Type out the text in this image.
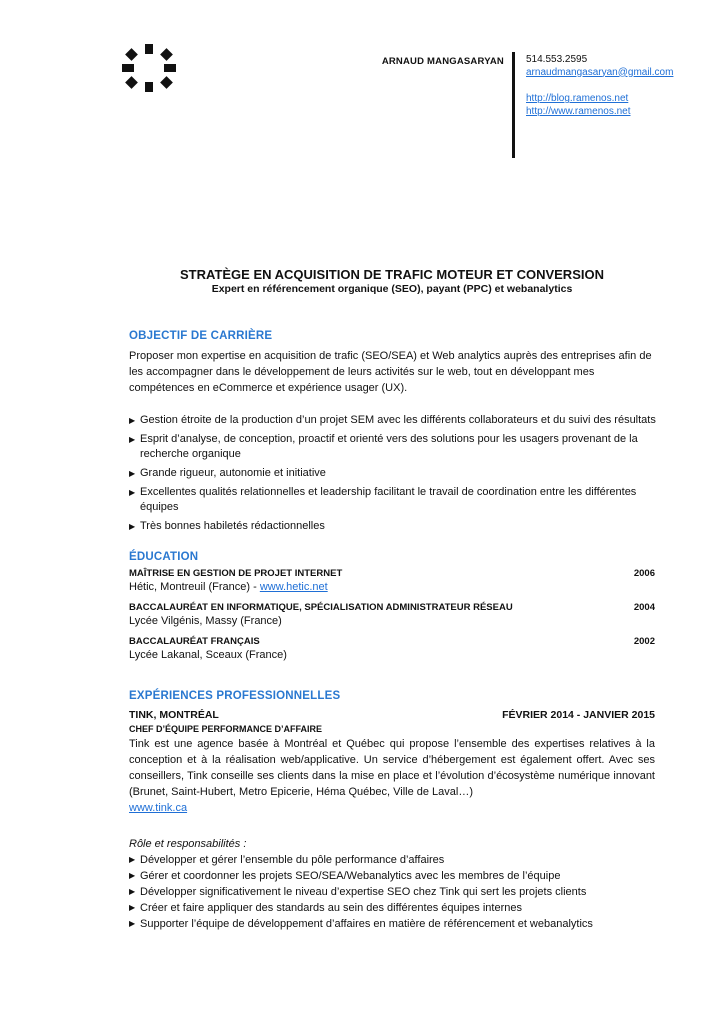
ARNAUD MANGASARYAN 514.553.2595
arnaudmangasaryan@gmail.com
http://blog.ramenos.net
http://www.ramenos.net
STRATÈGE EN ACQUISITION DE TRAFIC MOTEUR ET CONVERSION
Expert en référencement organique (SEO), payant (PPC) et webanalytics
OBJECTIF DE CARRIÈRE

Proposer mon expertise en acquisition de trafic (SEO/SEA) et Web analytics auprès des entreprises afin de les accompagner dans le développement de leurs activités sur le web, tout en développant mes compétences en eCommerce et expérience usager (UX).

▶ Gestion étroite de la production d’un projet SEM avec les différents collaborateurs et du suivi des résultats
▶ Esprit d’analyse, de conception, proactif et orienté vers des solutions pour les usagers provenant de la recherche organique
▶ Grande rigueur, autonomie et initiative
▶ Excellentes qualités relationnelles et leadership facilitant le travail de coordination entre les différentes équipes
▶ Très bonnes habiletés rédactionnelles
ÉDUCATION
MAÎTRISE EN GESTION DE PROJET INTERNET	2006
Hétic, Montreuil (France) - www.hetic.net
BACCALAURÉAT EN INFORMATIQUE, SPÉCIALISATION ADMINISTRATEUR RÉSEAU	2004
Lycée Vilgénis, Massy (France)
BACCALAURÉAT FRANÇAIS	2002
Lycée Lakanal, Sceaux (France)
EXPÉRIENCES PROFESSIONNELLES
TINK, MONTRÉAL	FÉVRIER 2014 - JANVIER 2015
CHEF D’ÉQUIPE PERFORMANCE D’AFFAIRE

Tink est une agence basée à Montréal et Québec qui propose l’ensemble des expertises relatives à la conception et à la réalisation web/applicative. Un service d’hébergement est également offert. Avec ses conseillers, Tink conseille ses clients dans la mise en place et l’évolution d’écosystème numérique innovant (Brunet, Saint-Hubert, Metro Epicerie, Héma Québec, Ville de Laval…)

www.tink.ca

Rôle et responsabilités :
▶ Développer et gérer l’ensemble du pôle performance d’affaires
▶ Gérer et coordonner les projets SEO/SEA/Webanalytics avec les membres de l’équipe
▶ Développer significativement le niveau d’expertise SEO chez Tink qui sert les projets clients
▶ Créer et faire appliquer des standards au sein des différentes équipes internes
▶ Supporter l’équipe de développement d’affaires en matière de référencement et webanalytics
